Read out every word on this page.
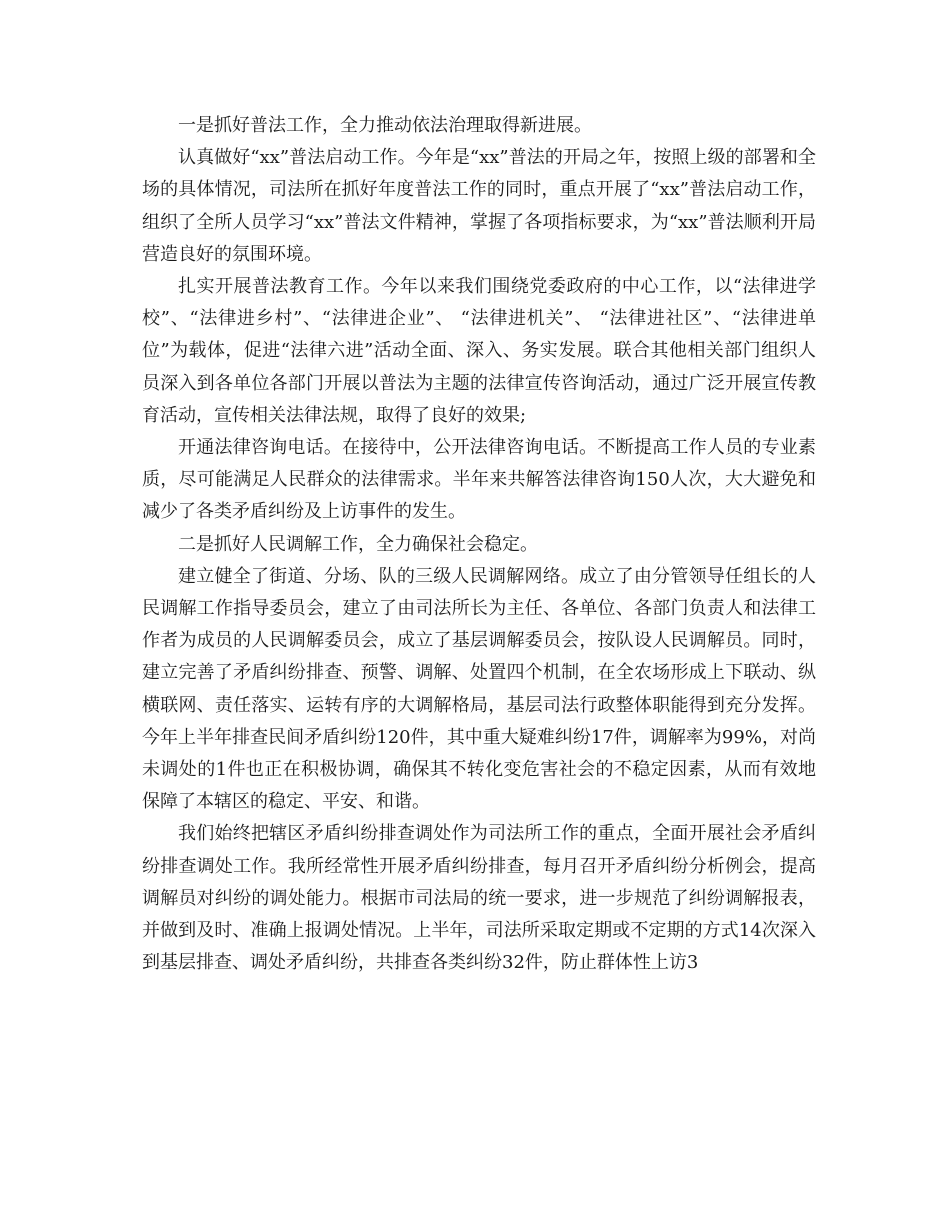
一是抓好普法工作，全力推动依法治理取得新进展。

认真做好“xx”普法启动工作。今年是“xx”普法的开局之年，按照上级的部署和全场的具体情况，司法所在抓好年度普法工作的同时，重点开展了“xx”普法启动工作，组织了全所人员学习“xx”普法文件精神，掌握了各项指标要求，为“xx”普法顺利开局营造良好的氛围环境。

扎实开展普法教育工作。今年以来我们围绕党委政府的中心工作，以“法律进学校”、“法律进乡村”、“法律进企业”、 “法律进机关”、 “法律进社区”、“法律进单位”为载体，促进“法律六进”活动全面、深入、务实发展。联合其他相关部门组织人员深入到各单位各部门开展以普法为主题的法律宣传咨询活动，通过广泛开展宣传教育活动，宣传相关法律法规，取得了良好的效果;

开通法律咨询电话。在接待中，公开法律咨询电话。不断提高工作人员的专业素质，尽可能满足人民群众的法律需求。半年来共解答法律咨询150人次，大大避免和减少了各类矛盾纠纷及上访事件的发生。

二是抓好人民调解工作，全力确保社会稳定。

建立健全了街道、分场、队的三级人民调解网络。成立了由分管领导任组长的人民调解工作指导委员会，建立了由司法所长为主任、各单位、各部门负责人和法律工作者为成员的人民调解委员会，成立了基层调解委员会，按队设人民调解员。同时，建立完善了矛盾纠纷排查、预警、调解、处置四个机制，在全农场形成上下联动、纵横联网、责任落实、运转有序的大调解格局，基层司法行政整体职能得到充分发挥。今年上半年排查民间矛盾纠纷120件，其中重大疑难纠纷17件，调解率为99%，对尚未调处的1件也正在积极协调，确保其不转化变危害社会的不稳定因素，从而有效地保障了本辖区的稳定、平安、和谐。

我们始终把辖区矛盾纠纷排查调处作为司法所工作的重点，全面开展社会矛盾纠纷排查调处工作。我所经常性开展矛盾纠纷排查，每月召开矛盾纠纷分析例会，提高调解员对纠纷的调处能力。根据市司法局的统一要求，进一步规范了纠纷调解报表，并做到及时、准确上报调处情况。上半年，司法所采取定期或不定期的方式14次深入到基层排查、调处矛盾纠纷，共排查各类纠纷32件，防止群体性上访3
